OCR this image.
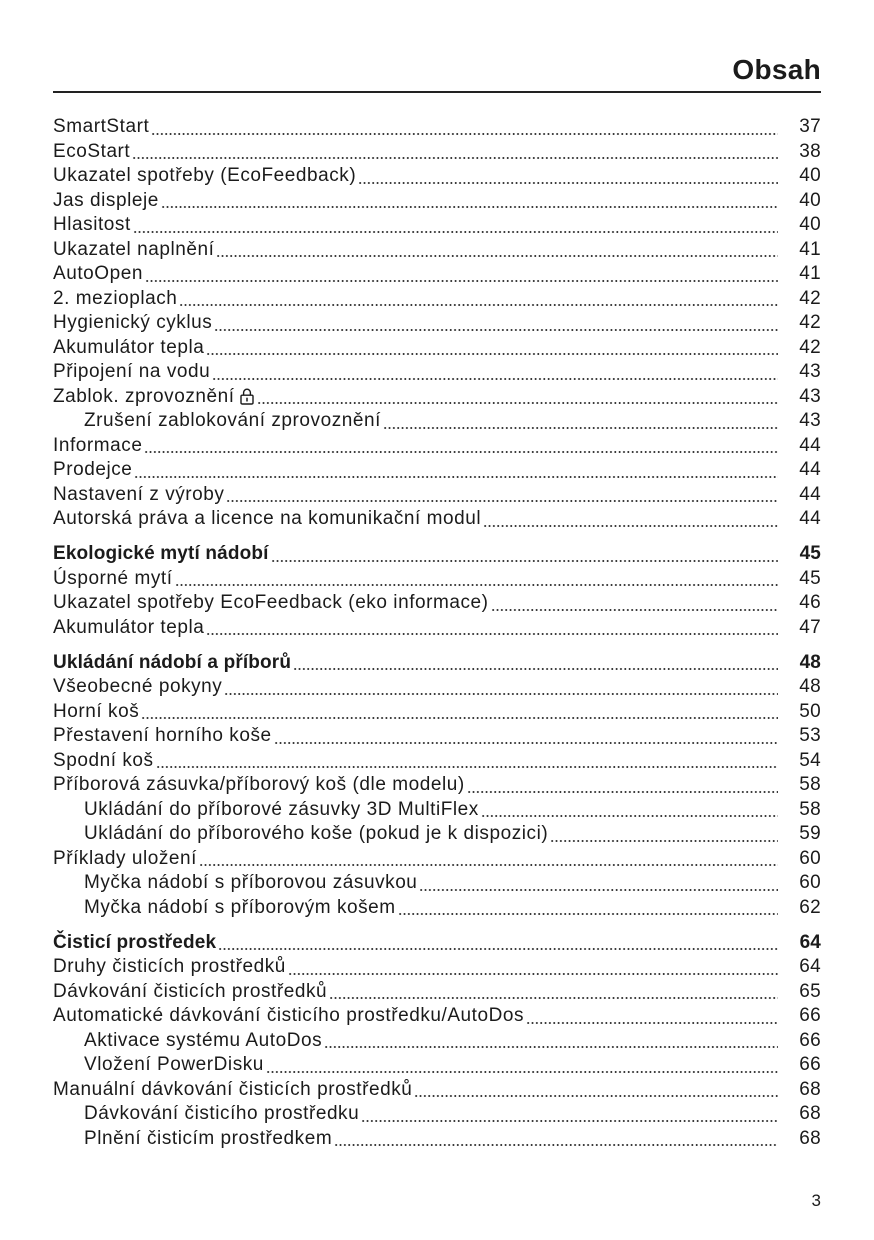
Obsah
SmartStart	37
EcoStart	38
Ukazatel spotřeby (EcoFeedback)	40
Jas displeje	40
Hlasitost	40
Ukazatel naplnění	41
AutoOpen	41
2. mezioplach	42
Hygienický cyklus	42
Akumulátor tepla	42
Připojení na vodu	43
Zablok. zprovoznění	43
Zrušení zablokování zprovoznění	43
Informace	44
Prodejce	44
Nastavení z výroby	44
Autorská práva a licence na komunikační modul	44
Ekologické mytí nádobí	45
Úsporné mytí	45
Ukazatel spotřeby EcoFeedback (eko informace)	46
Akumulátor tepla	47
Ukládání nádobí a příborů	48
Všeobecné pokyny	48
Horní koš	50
Přestavení horního koše	53
Spodní koš	54
Příborová zásuvka/příborový koš (dle modelu)	58
Ukládání do příborové zásuvky 3D MultiFlex	58
Ukládání do příborového koše (pokud je k dispozici)	59
Příklady uložení	60
Myčka nádobí s příborovou zásuvkou	60
Myčka nádobí s příborovým košem	62
Čisticí prostředek	64
Druhy čisticích prostředků	64
Dávkování čisticích prostředků	65
Automatické dávkování čisticího prostředku/AutoDos	66
Aktivace systému AutoDos	66
Vložení PowerDisku	66
Manuální dávkování čisticích prostředků	68
Dávkování čisticího prostředku	68
Plnění čisticím prostředkem	68
3
